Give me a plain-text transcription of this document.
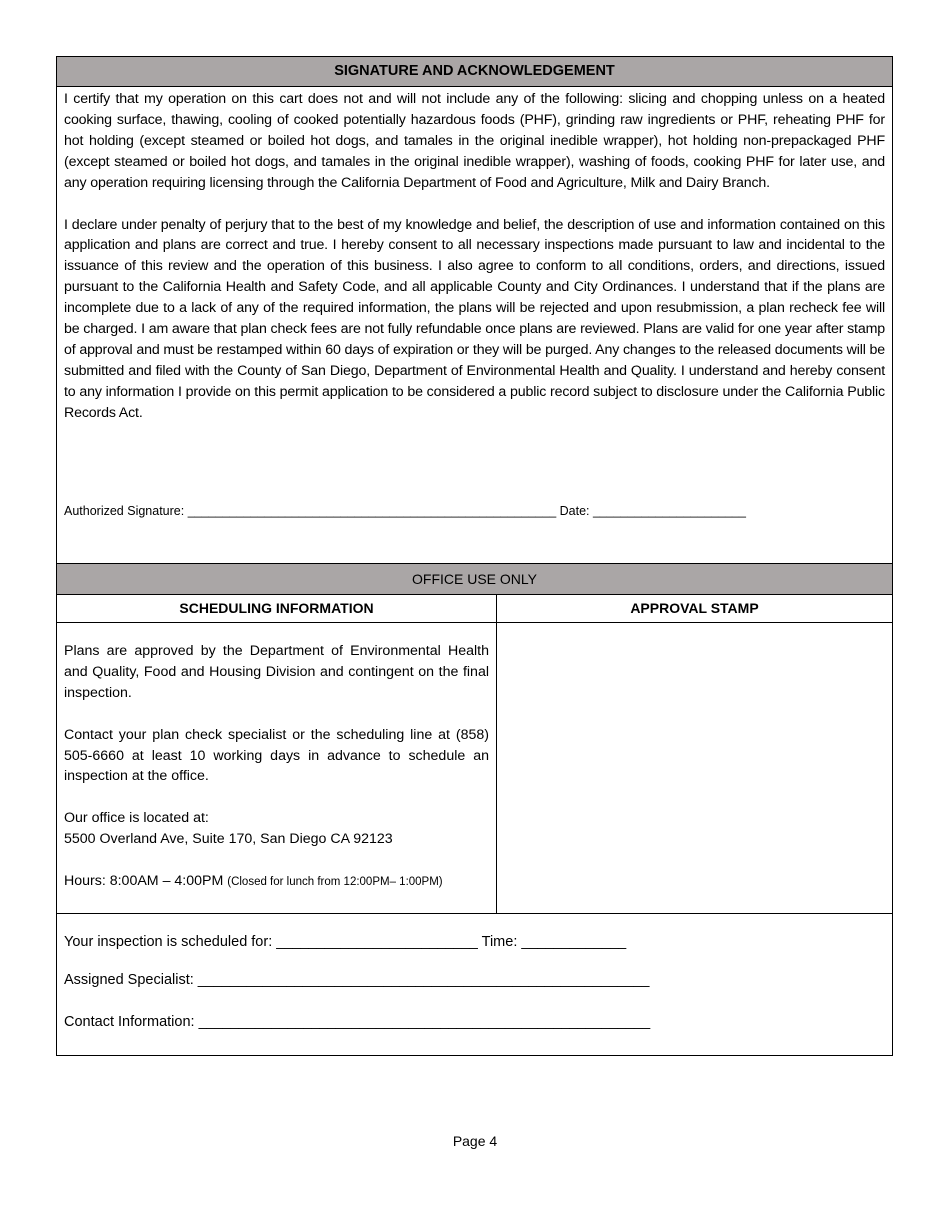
SIGNATURE AND ACKNOWLEDGEMENT

I certify that my operation on this cart does not and will not include any of the following: slicing and chopping unless on a heated cooking surface, thawing, cooling of cooked potentially hazardous foods (PHF), grinding raw ingredients or PHF, reheating PHF for hot holding (except steamed or boiled hot dogs, and tamales in the original inedible wrapper), hot holding non-prepackaged PHF (except steamed or boiled hot dogs, and tamales in the original inedible wrapper), washing of foods, cooking PHF for later use, and any operation requiring licensing through the California Department of Food and Agriculture, Milk and Dairy Branch.

I declare under penalty of perjury that to the best of my knowledge and belief, the description of use and information contained on this application and plans are correct and true. I hereby consent to all necessary inspections made pursuant to law and incidental to the issuance of this review and the operation of this business. I also agree to conform to all conditions, orders, and directions, issued pursuant to the California Health and Safety Code, and all applicable County and City Ordinances. I understand that if the plans are incomplete due to a lack of any of the required information, the plans will be rejected and upon resubmission, a plan recheck fee will be charged. I am aware that plan check fees are not fully refundable once plans are reviewed. Plans are valid for one year after stamp of approval and must be restamped within 60 days of expiration or they will be purged. Any changes to the released documents will be submitted and filed with the County of San Diego, Department of Environmental Health and Quality. I understand and hereby consent to any information I provide on this permit application to be considered a public record subject to disclosure under the California Public Records Act.

Authorized Signature: _____________________________________________________ Date: ______________________
OFFICE USE ONLY
SCHEDULING INFORMATION

Plans are approved by the Department of Environmental Health and Quality, Food and Housing Division and contingent on the final inspection.

Contact your plan check specialist or the scheduling line at (858) 505-6660 at least 10 working days in advance to schedule an inspection at the office.

Our office is located at:
5500 Overland Ave, Suite 170, San Diego CA 92123

Hours: 8:00AM – 4:00PM (Closed for lunch from 12:00PM– 1:00PM)

APPROVAL STAMP
Your inspection is scheduled for: _________________________ Time: _____________
Assigned Specialist: ________________________________________________________
Contact Information: ________________________________________________________
Page 4
